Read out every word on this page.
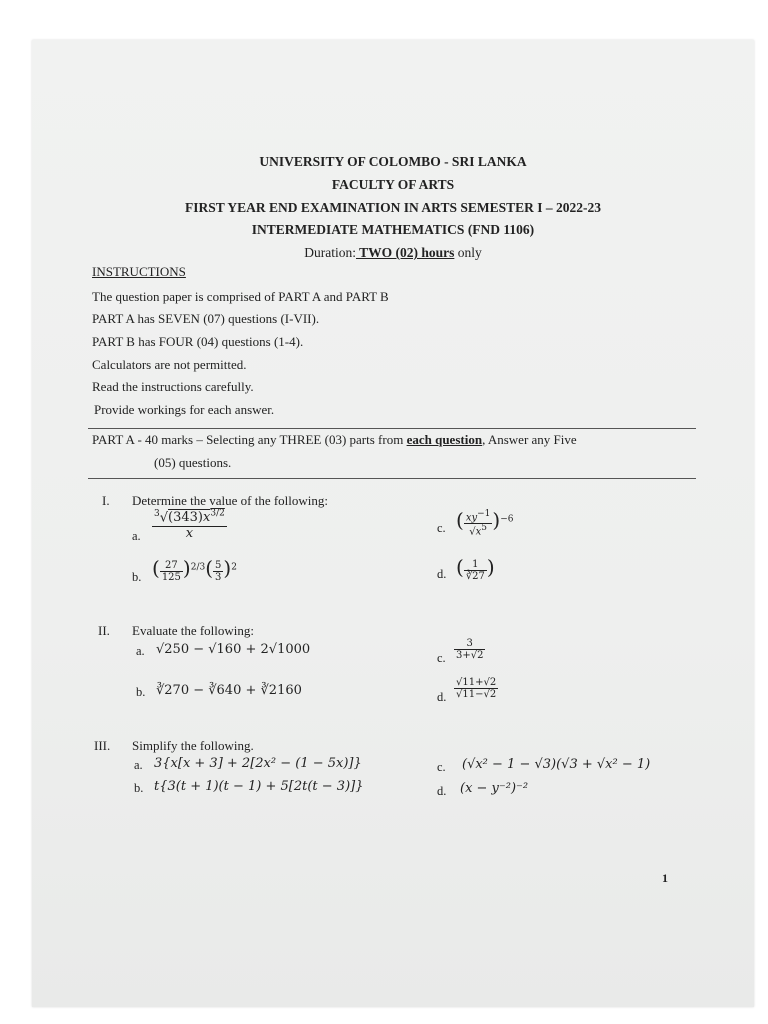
UNIVERSITY OF COLOMBO - SRI LANKA
FACULTY OF ARTS
FIRST YEAR END EXAMINATION IN ARTS SEMESTER I – 2022-23
INTERMEDIATE MATHEMATICS (FND 1106)
Duration: TWO (02) hours only
INSTRUCTIONS
The question paper is comprised of PART A and PART B
PART A has SEVEN (07) questions (I-VII).
PART B has FOUR (04) questions (1-4).
Calculators are not permitted.
Read the instructions carefully.
Provide workings for each answer.
PART A - 40 marks – Selecting any THREE (03) parts from each question, Answer any Five
(05) questions.
I. Determine the value of the following:
a. $\frac{^3√(343)x^{3/2}}{x}$
b. ( $\frac{27}{125} )^{2/3}( \frac{5}{3} )^2$
c. ( $\frac{xy-1}{√x5} )^{-6}$
d. ( $\frac{1}{∛27}$ )
II. Evaluate the following:
a. √250 − √160 + 2√1000
b. ∛270 − ∛640 + ∛2160
c. $\frac{3}{3+√2}$
d. $\frac{√11+√2}{√11-√2}$
III. Simplify the following.
a. 3{x[x + 3] + 2[2x² − (1 − 5x)]}
b. t{3(t + 1)(t − 1) + 5[2t(t − 3)]}
c. (√x² − 1 − √3)(√3 + √x² − 1)
d. (x − y⁻²)⁻²
1
